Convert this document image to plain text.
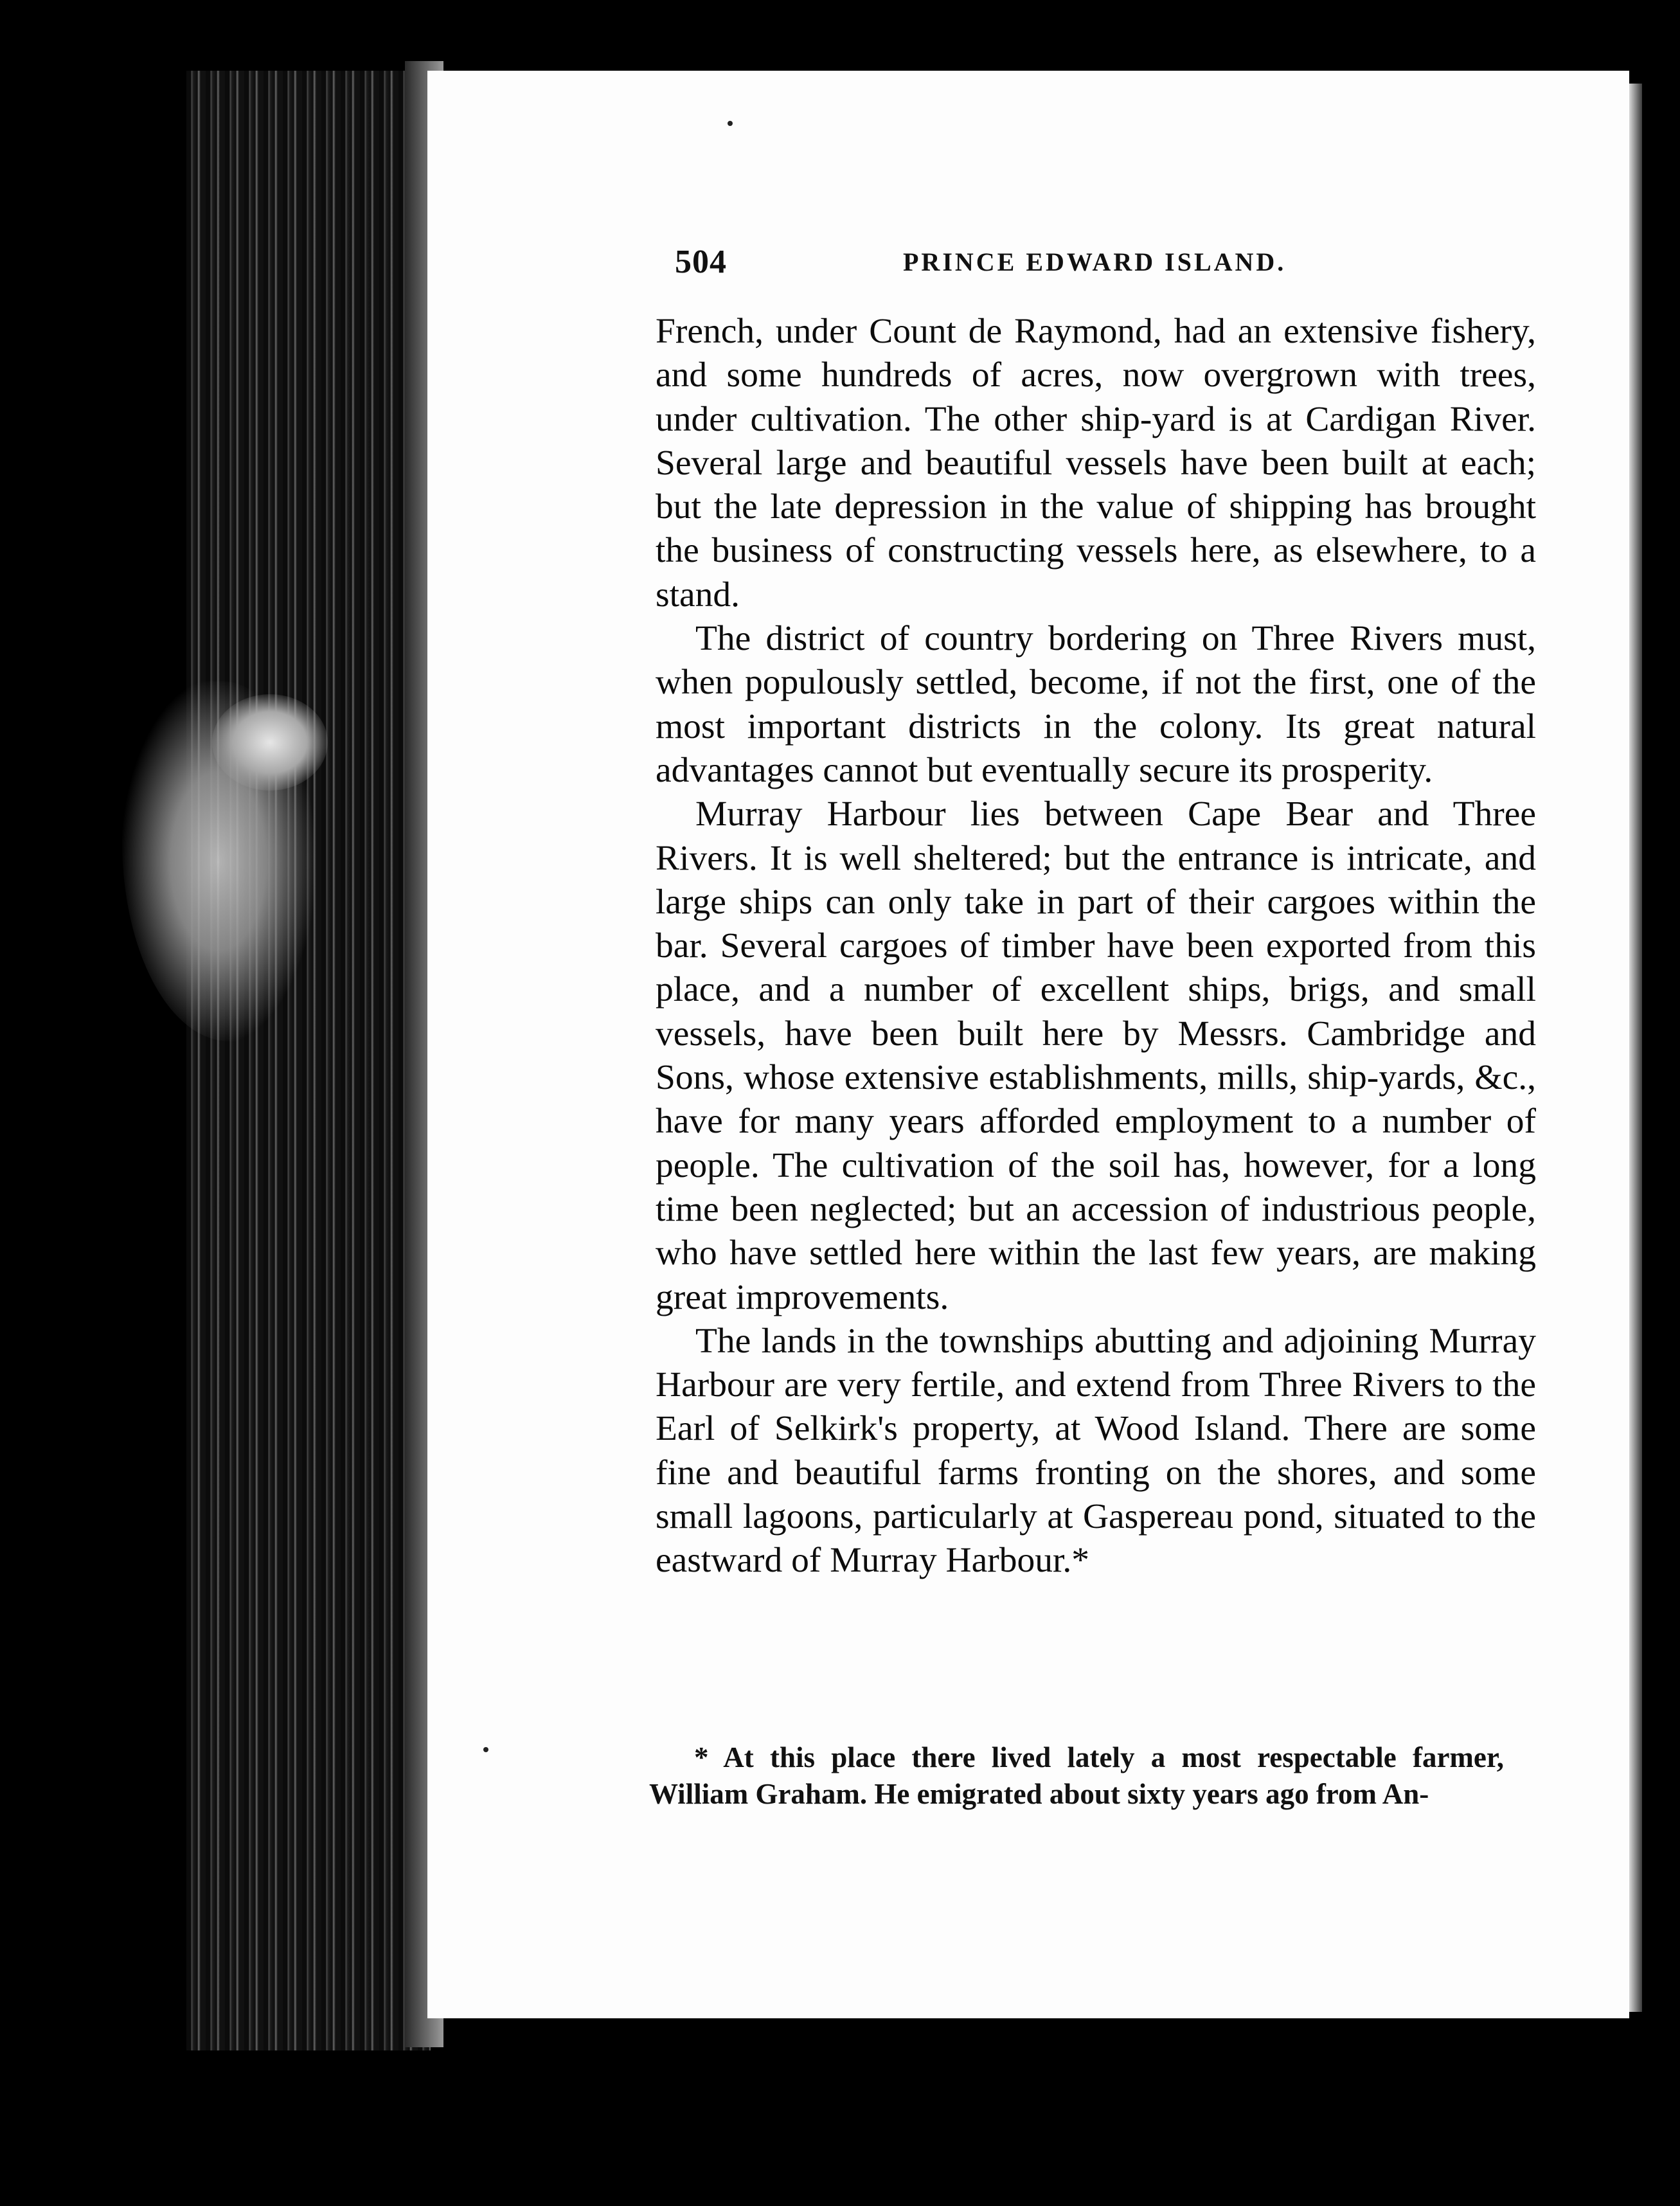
504	PRINCE EDWARD ISLAND.

French, under Count de Raymond, had an extensive fishery, and some hundreds of acres, now overgrown with trees, under cultivation. The other ship-yard is at Cardigan River. Several large and beautiful vessels have been built at each; but the late depression in the value of shipping has brought the business of constructing vessels here, as elsewhere, to a stand.

The district of country bordering on Three Rivers must, when populously settled, become, if not the first, one of the most important districts in the colony. Its great natural advantages cannot but eventually secure its prosperity.

Murray Harbour lies between Cape Bear and Three Rivers. It is well sheltered; but the entrance is intricate, and large ships can only take in part of their cargoes within the bar. Several cargoes of timber have been exported from this place, and a number of excellent ships, brigs, and small vessels, have been built here by Messrs. Cambridge and Sons, whose extensive establishments, mills, ship-yards, &c., have for many years afforded employment to a number of people. The cultivation of the soil has, however, for a long time been neglected; but an accession of industrious people, who have settled here within the last few years, are making great improvements.

The lands in the townships abutting and adjoining Murray Harbour are very fertile, and extend from Three Rivers to the Earl of Selkirk's property, at Wood Island. There are some fine and beautiful farms fronting on the shores, and some small lagoons, particularly at Gaspereau pond, situated to the eastward of Murray Harbour.*

* At this place there lived lately a most respectable farmer, William Graham. He emigrated about sixty years ago from An-
